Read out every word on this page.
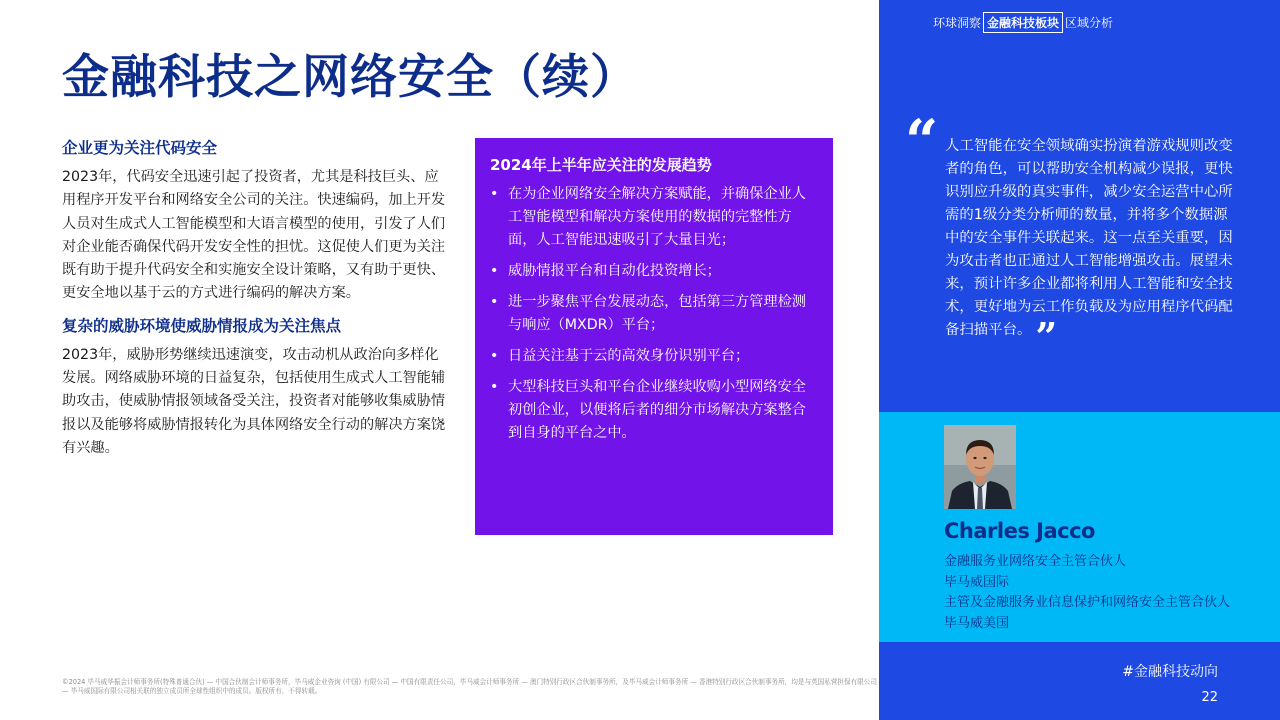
金融科技之网络安全（续）
企业更为关注代码安全

2023年，代码安全迅速引起了投资者，尤其是科技巨头、应用程序开发平台和网络安全公司的关注。快速编码，加上开发人员对生成式人工智能模型和大语言模型的使用，引发了人们对企业能否确保代码开发安全性的担忧。这促使人们更为关注既有助于提升代码安全和实施安全设计策略，又有助于更快、更安全地以基于云的方式进行编码的解决方案。

复杂的威胁环境使威胁情报成为关注焦点

2023年，威胁形势继续迅速演变，攻击动机从政治向多样化发展。网络威胁环境的日益复杂，包括使用生成式人工智能辅助攻击，使威胁情报领域备受关注，投资者对能够收集威胁情报以及能够将威胁情报转化为具体网络安全行动的解决方案饶有兴趣。

2024年上半年应关注的发展趋势
• 在为企业网络安全解决方案赋能，并确保企业人工智能模型和解决方案使用的数据的完整性方面，人工智能迅速吸引了大量目光；
• 威胁情报平台和自动化投资增长；
• 进一步聚焦平台发展动态，包括第三方管理检测与响应（MXDR）平台；
• 日益关注基于云的高效身份识别平台；
• 大型科技巨头和平台企业继续收购小型网络安全初创企业，以便将后者的细分市场解决方案整合到自身的平台之中。
环球洞察 金融科技板块 区域分析
“ 人工智能在安全领域确实扮演着游戏规则改变者的角色，可以帮助安全机构减少误报，更快识别应升级的真实事件，减少安全运营中心所需的1级分类分析师的数量，并将多个数据源中的安全事件关联起来。这一点至关重要，因为攻击者也正通过人工智能增强攻击。展望未来，预计许多企业都将利用人工智能和安全技术，更好地为云工作负载及为应用程序代码配备扫描平台。 ”

Charles Jacco
金融服务业网络安全主管合伙人
毕马威国际
主管及金融服务业信息保护和网络安全主管合伙人
毕马威美国
#金融科技动向
22

©2024 毕马威华振会计师事务所(特殊普通合伙) — 中国合伙制会计师事务所，毕马威企业咨询 (中国) 有限公司 — 中国有限责任公司，毕马威会计师事务所 — 澳门特别行政区合伙制事务所，及毕马威会计师事务所 — 香港特别行政区合伙制事务所，均是与英国私营担保有限公司 — 毕马威国际有限公司相关联的独立成员所全球性组织中的成员。版权所有，不得转载。
